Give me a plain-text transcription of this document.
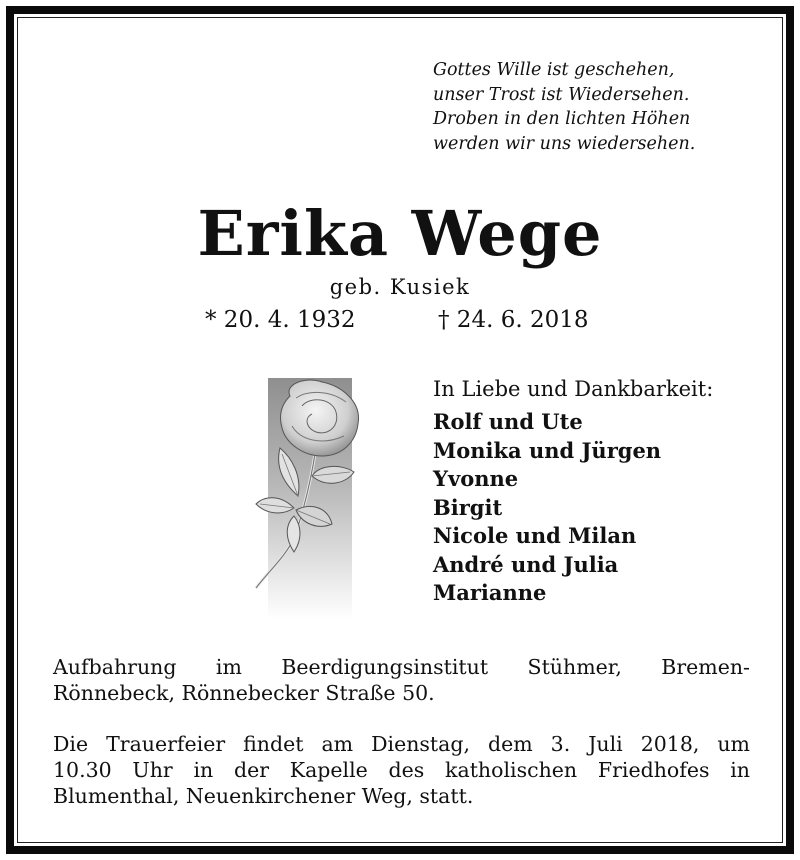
Gottes Wille ist geschehen,
unser Trost ist Wiedersehen.
Droben in den lichten Höhen
werden wir uns wiedersehen.
Erika Wege
geb. Kusiek
* 20. 4. 1932	† 24. 6. 2018
In Liebe und Dankbarkeit:
Rolf und Ute
Monika und Jürgen
Yvonne
Birgit
Nicole und Milan
André und Julia
Marianne
Aufbahrung im Beerdigungsinstitut Stühmer, Bremen-
Rönnebeck, Rönnebecker Straße 50.
Die Trauerfeier findet am Dienstag, dem 3. Juli 2018, um
10.30 Uhr in der Kapelle des katholischen Friedhofes in
Blumenthal, Neuenkirchener Weg, statt.
